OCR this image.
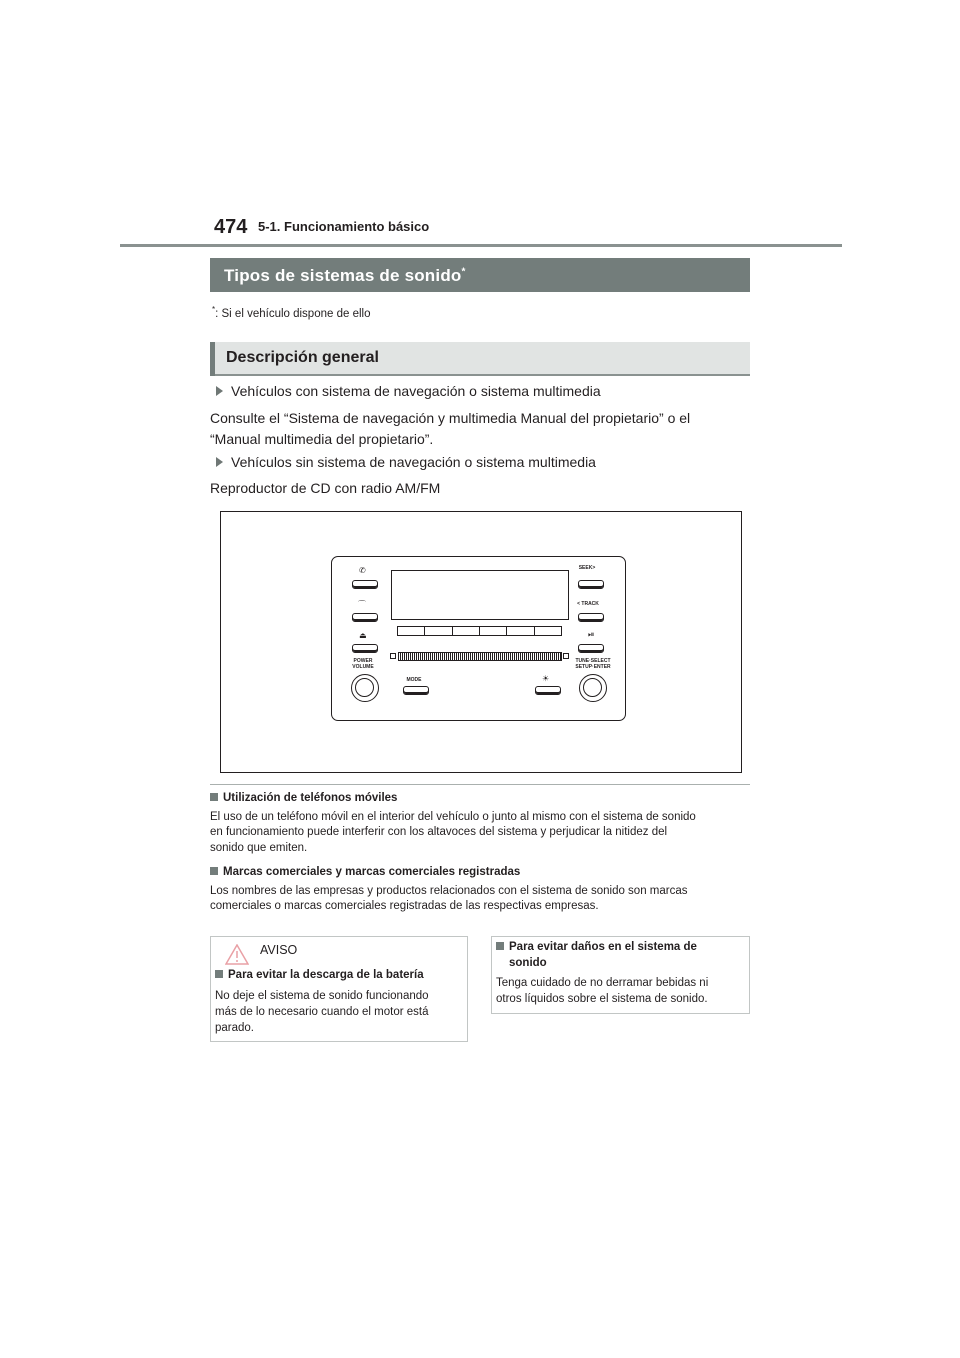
474 5-1. Funcionamiento básico
Tipos de sistemas de sonido*
*: Si el vehículo dispone de ello
Descripción general
Vehículos con sistema de navegación o sistema multimedia
Consulte el “Sistema de navegación y multimedia Manual del propietario” o el
“Manual multimedia del propietario”.
Vehículos sin sistema de navegación o sistema multimedia
Reproductor de CD con radio AM/FM
✆
⌒
⏏
POWER
VOLUME
SEEK>
< TRACK
⏯
TUNE·SELECT
SETUP·ENTER
MODE	☀
Utilización de teléfonos móviles
El uso de un teléfono móvil en el interior del vehículo o junto al mismo con el sistema de sonido
en funcionamiento puede interferir con los altavoces del sistema y perjudicar la nitidez del
sonido que emiten.
Marcas comerciales y marcas comerciales registradas
Los nombres de las empresas y productos relacionados con el sistema de sonido son marcas
comerciales o marcas comerciales registradas de las respectivas empresas.
AVISO
Para evitar la descarga de la batería
No deje el sistema de sonido funcionando
más de lo necesario cuando el motor está
parado.
Para evitar daños en el sistema de
sonido
Tenga cuidado de no derramar bebidas ni
otros líquidos sobre el sistema de sonido.
